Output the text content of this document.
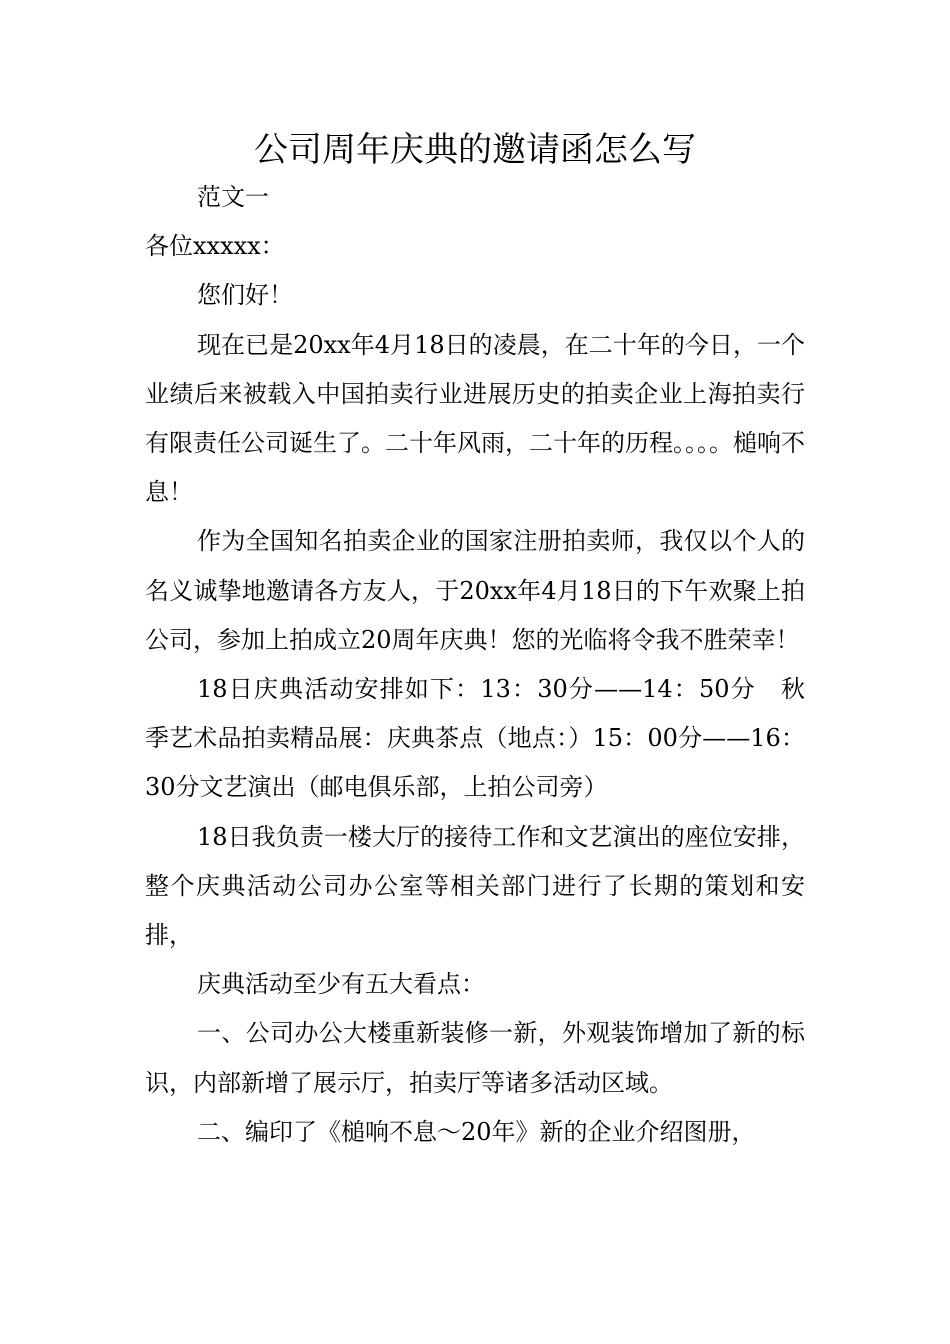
公司周年庆典的邀请函怎么写

范文一

各位xxxxx：

您们好！

现在已是20xx年4月18日的凌晨，在二十年的今日，一个业绩后来被载入中国拍卖行业进展历史的拍卖企业上海拍卖行有限责任公司诞生了。二十年风雨，二十年的历程。。。。槌响不息！

作为全国知名拍卖企业的国家注册拍卖师，我仅以个人的名义诚挚地邀请各方友人，于20xx年4月18日的下午欢聚上拍公司，参加上拍成立20周年庆典！您的光临将令我不胜荣幸！

18日庆典活动安排如下：13：30分——14：50分　秋季艺术品拍卖精品展：庆典茶点（地点：）15：00分——16：30分文艺演出（邮电俱乐部，上拍公司旁）

18日我负责一楼大厅的接待工作和文艺演出的座位安排，整个庆典活动公司办公室等相关部门进行了长期的策划和安排，

庆典活动至少有五大看点：

一、公司办公大楼重新装修一新，外观装饰增加了新的标识，内部新增了展示厅，拍卖厅等诸多活动区域。

二、编印了《槌响不息～20年》新的企业介绍图册，
